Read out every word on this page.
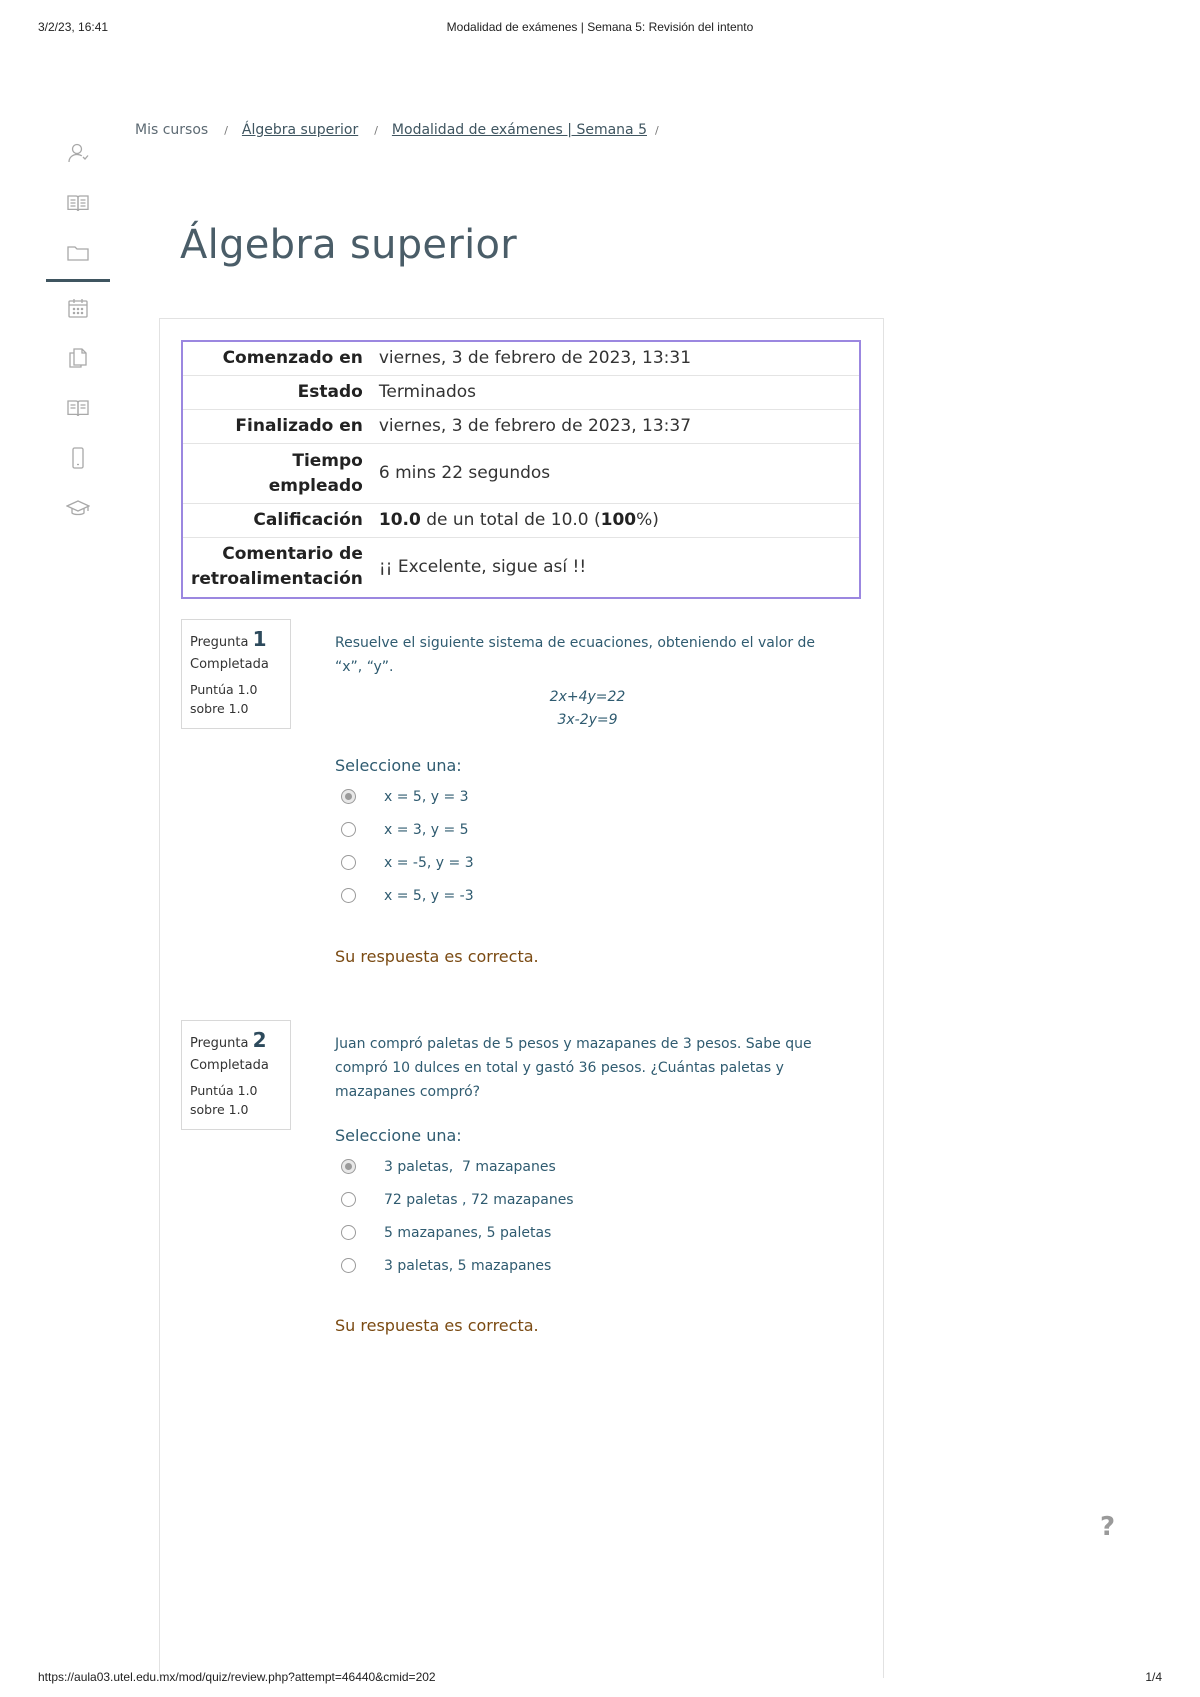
3/2/23, 16:41	Modalidad de exámenes | Semana 5: Revisión del intento
Mis cursos / Álgebra superior / Modalidad de exámenes | Semana 5 /
Álgebra superior
Comenzado en	viernes, 3 de febrero de 2023, 13:31
Estado	Terminados
Finalizado en	viernes, 3 de febrero de 2023, 13:37
Tiempo
empleado	6 mins 22 segundos
Calificación	10.0 de un total de 10.0 (100%)
Comentario de
retroalimentación	¡¡ Excelente, sigue así !!
Pregunta 1
Completada
Puntúa 1.0
sobre 1.0
Resuelve el siguiente sistema de ecuaciones, obteniendo el valor de “x”, “y”.
2x+4y=22
3x-2y=9
Seleccione una:
x = 5, y = 3
x = 3, y = 5
x = -5, y = 3
x = 5, y = -3
Su respuesta es correcta.
Pregunta 2
Completada
Puntúa 1.0
sobre 1.0
Juan compró paletas de 5 pesos y mazapanes de 3 pesos. Sabe que compró 10 dulces en total y gastó 36 pesos. ¿Cuántas paletas y mazapanes compró?
Seleccione una:
3 paletas,  7 mazapanes
72 paletas , 72 mazapanes
5 mazapanes, 5 paletas
3 paletas, 5 mazapanes
Su respuesta es correcta.
?
https://aula03.utel.edu.mx/mod/quiz/review.php?attempt=46440&cmid=202	1/4
